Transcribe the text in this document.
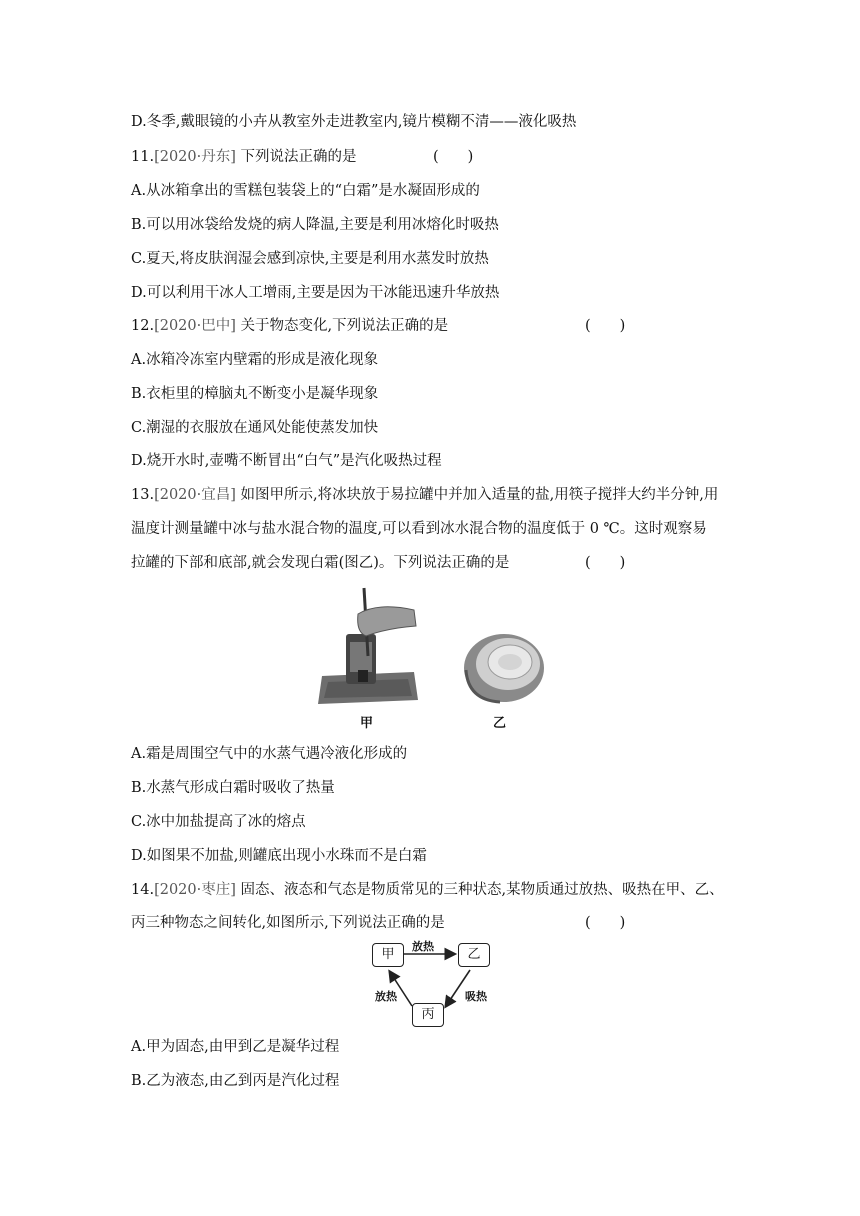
D.冬季,戴眼镜的小卉从教室外走进教室内,镜片模糊不清——液化吸热
11.[2020·丹东] 下列说法正确的是	(　　)
A.从冰箱拿出的雪糕包装袋上的“白霜”是水凝固形成的
B.可以用冰袋给发烧的病人降温,主要是利用冰熔化时吸热
C.夏天,将皮肤润湿会感到凉快,主要是利用水蒸发时放热
D.可以利用干冰人工增雨,主要是因为干冰能迅速升华放热
12.[2020·巴中] 关于物态变化,下列说法正确的是	(　　)
A.冰箱冷冻室内壁霜的形成是液化现象
B.衣柜里的樟脑丸不断变小是凝华现象
C.潮湿的衣服放在通风处能使蒸发加快
D.烧开水时,壶嘴不断冒出“白气”是汽化吸热过程
13.[2020·宜昌] 如图甲所示,将冰块放于易拉罐中并加入适量的盐,用筷子搅拌大约半分钟,用
温度计测量罐中冰与盐水混合物的温度,可以看到冰水混合物的温度低于 0 ℃。这时观察易
拉罐的下部和底部,就会发现白霜(图乙)。下列说法正确的是	(　　)
甲	乙
A.霜是周围空气中的水蒸气遇冷液化形成的
B.水蒸气形成白霜时吸收了热量
C.冰中加盐提高了冰的熔点
D.如图果不加盐,则罐底出现小水珠而不是白霜
14.[2020·枣庄] 固态、液态和气态是物质常见的三种状态,某物质通过放热、吸热在甲、乙、
丙三种物态之间转化,如图所示,下列说法正确的是	(　　)
甲	乙
丙
放热
吸热
放热
A.甲为固态,由甲到乙是凝华过程
B.乙为液态,由乙到丙是汽化过程
